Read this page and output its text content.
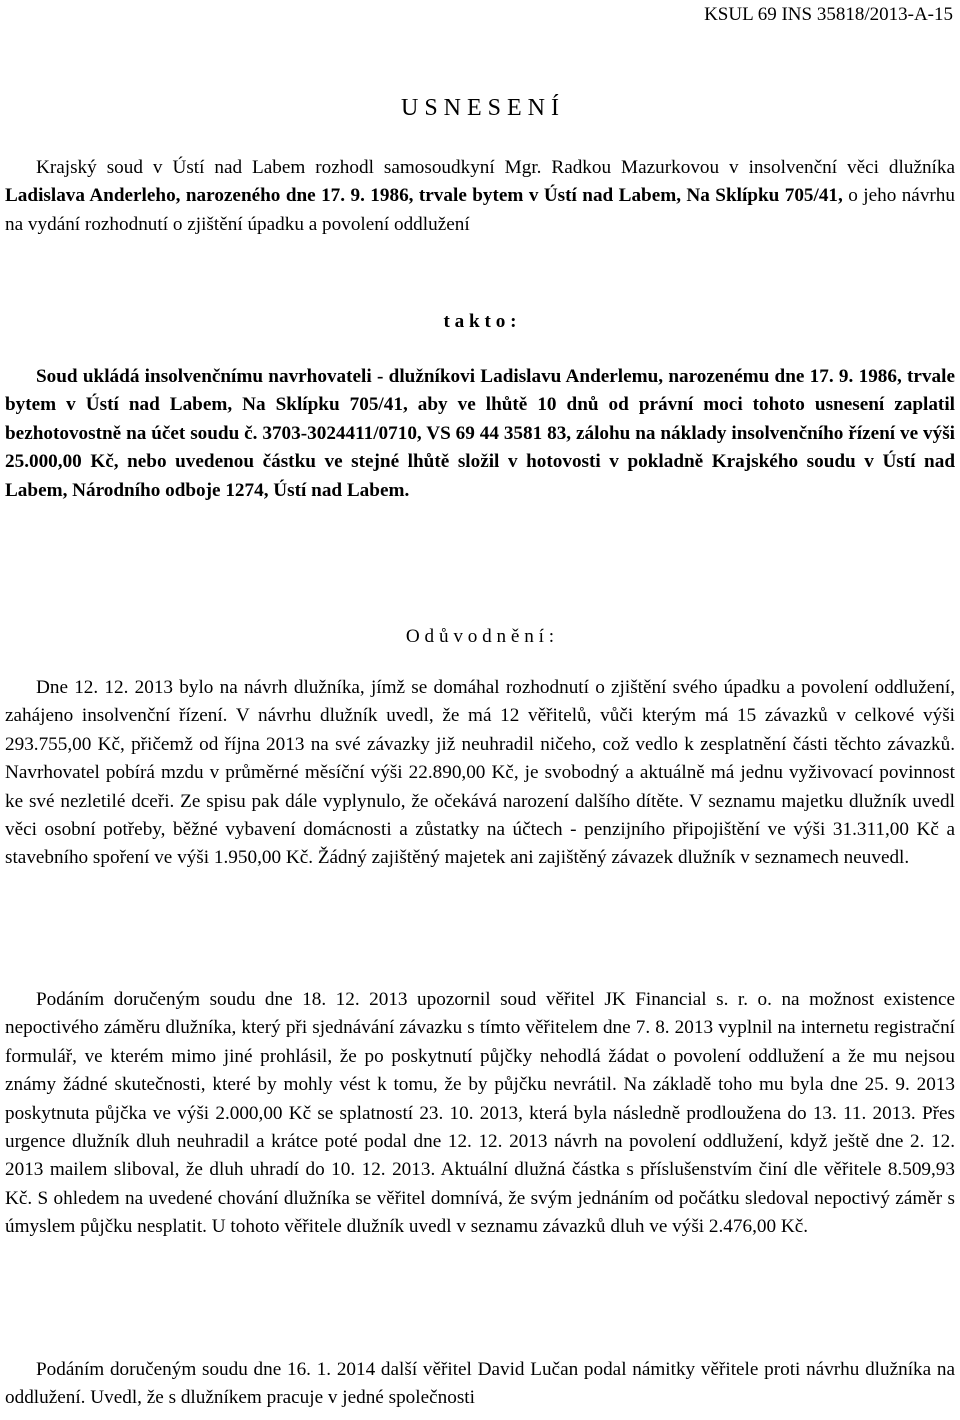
KSUL 69 INS 35818/2013-A-15
U S N E S E N Í
Krajský soud v Ústí nad Labem rozhodl samosoudkyní Mgr. Radkou Mazurkovou v insolvenční věci dlužníka Ladislava Anderleho, narozeného dne 17. 9. 1986, trvale bytem v Ústí nad Labem, Na Sklípku 705/41, o jeho návrhu na vydání rozhodnutí o zjištění úpadku a povolení oddlužení
t a k t o :
Soud ukládá insolvenčnímu navrhovateli - dlužníkovi Ladislavu Anderlemu, narozenému dne 17. 9. 1986, trvale bytem v Ústí nad Labem, Na Sklípku 705/41, aby ve lhůtě 10 dnů od právní moci tohoto usnesení zaplatil bezhotovostně na účet soudu č. 3703-3024411/0710, VS 69 44 3581 83, zálohu na náklady insolvenčního řízení ve výši 25.000,00 Kč, nebo uvedenou částku ve stejné lhůtě složil v hotovosti v pokladně Krajského soudu v Ústí nad Labem, Národního odboje 1274, Ústí nad Labem.
O d ů v o d n ě n í :
Dne 12. 12. 2013 bylo na návrh dlužníka, jímž se domáhal rozhodnutí o zjištění svého úpadku a povolení oddlužení, zahájeno insolvenční řízení. V návrhu dlužník uvedl, že má 12 věřitelů, vůči kterým má 15 závazků v celkové výši 293.755,00 Kč, přičemž od října 2013 na své závazky již neuhradil ničeho, což vedlo k zesplatnění části těchto závazků. Navrhovatel pobírá mzdu v průměrné měsíční výši 22.890,00 Kč, je svobodný a aktuálně má jednu vyživovací povinnost ke své nezletilé dceři. Ze spisu pak dále vyplynulo, že očekává narození dalšího dítěte. V seznamu majetku dlužník uvedl věci osobní potřeby, běžné vybavení domácnosti a zůstatky na účtech - penzijního připojištění ve výši 31.311,00 Kč a stavebního spoření ve výši 1.950,00 Kč. Žádný zajištěný majetek ani zajištěný závazek dlužník v seznamech neuvedl.
Podáním doručeným soudu dne 18. 12. 2013 upozornil soud věřitel JK Financial s. r. o. na možnost existence nepoctivého záměru dlužníka, který při sjednávání závazku s tímto věřitelem dne 7. 8. 2013 vyplnil na internetu registrační formulář, ve kterém mimo jiné prohlásil, že po poskytnutí půjčky nehodlá žádat o povolení oddlužení a že mu nejsou známy žádné skutečnosti, které by mohly vést k tomu, že by půjčku nevrátil. Na základě toho mu byla dne 25. 9. 2013 poskytnuta půjčka ve výši 2.000,00 Kč se splatností 23. 10. 2013, která byla následně prodloužena do 13. 11. 2013. Přes urgence dlužník dluh neuhradil a krátce poté podal dne 12. 12. 2013 návrh na povolení oddlužení, když ještě dne 2. 12. 2013 mailem sliboval, že dluh uhradí do 10. 12. 2013. Aktuální dlužná částka s příslušenstvím činí dle věřitele 8.509,93 Kč. S ohledem na uvedené chování dlužníka se věřitel domnívá, že svým jednáním od počátku sledoval nepoctivý záměr s úmyslem půjčku nesplatit. U tohoto věřitele dlužník uvedl v seznamu závazků dluh ve výši 2.476,00 Kč.
Podáním doručeným soudu dne 16. 1. 2014 další věřitel David Lučan podal námitky věřitele proti návrhu dlužníka na oddlužení. Uvedl, že s dlužníkem pracuje v jedné společnosti
